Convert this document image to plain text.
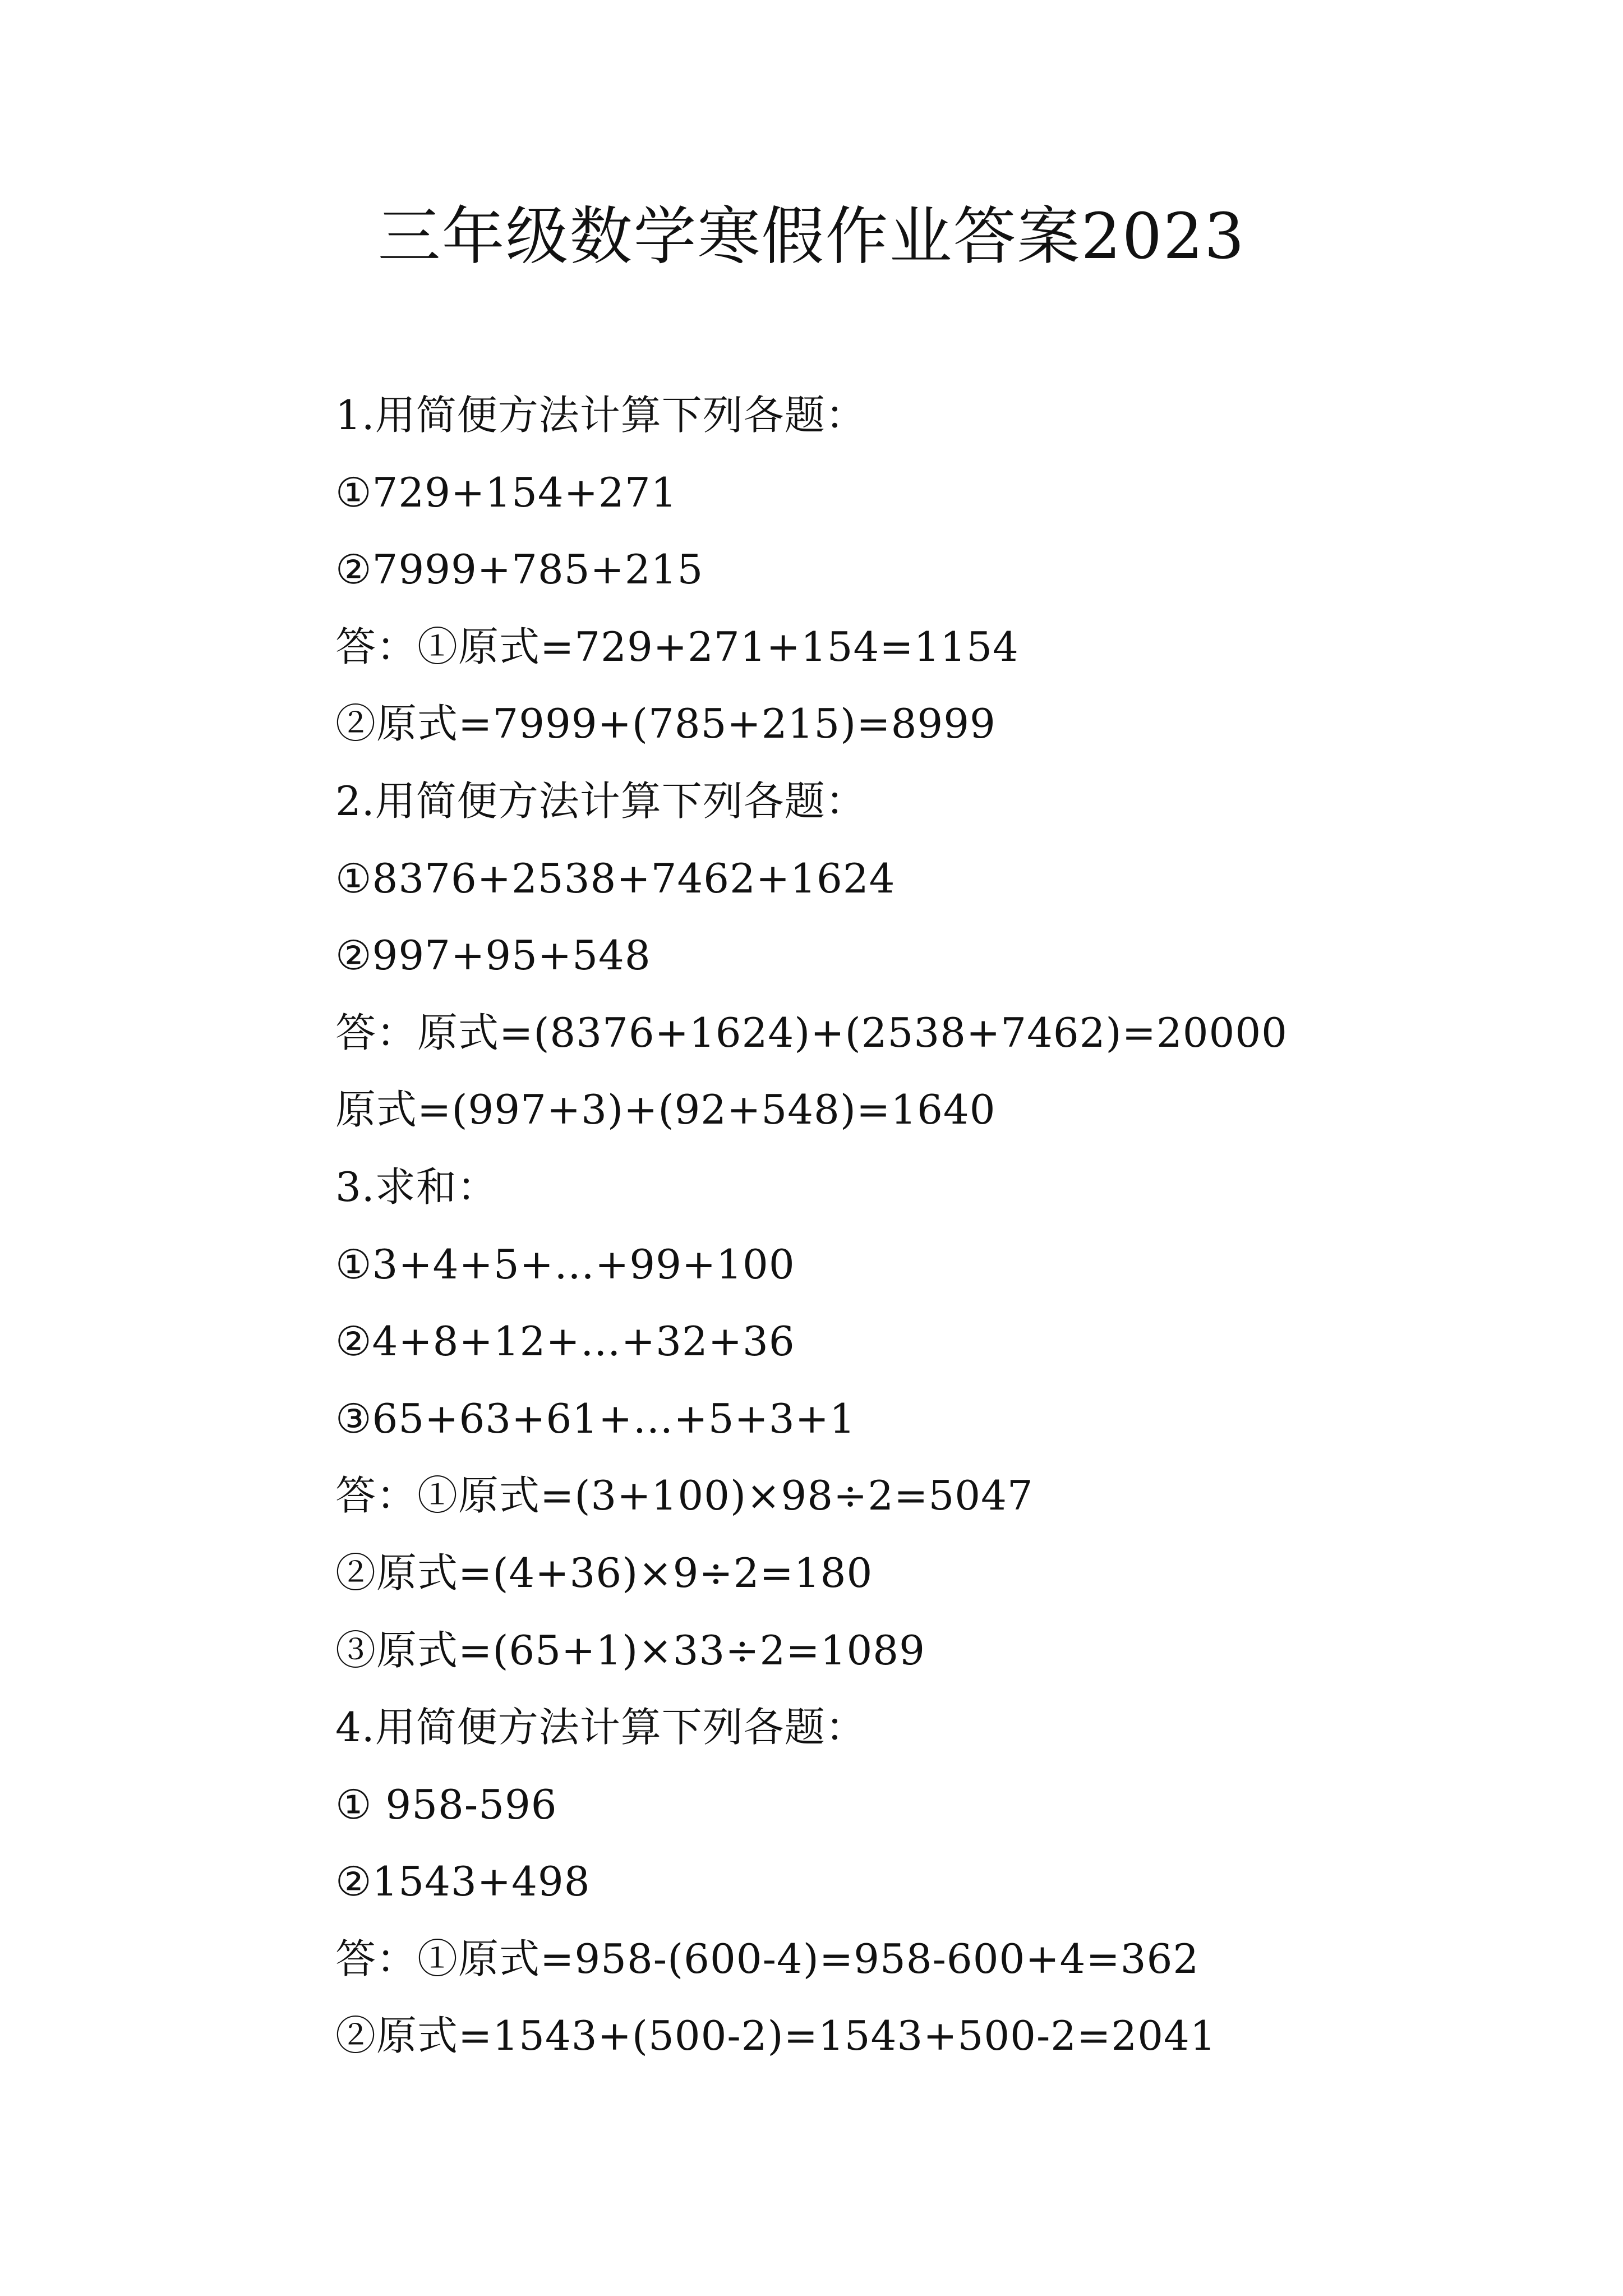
三年级数学寒假作业答案2023
1.用简便方法计算下列各题：
①729+154+271
②7999+785+215
答：①原式=729+271+154=1154
②原式=7999+(785+215)=8999
2.用简便方法计算下列各题：
①8376+2538+7462+1624
②997+95+548
答：原式=(8376+1624)+(2538+7462)=20000
原式=(997+3)+(92+548)=1640
3.求和：
①3+4+5+…+99+100
②4+8+12+…+32+36
③65+63+61+…+5+3+1
答：①原式=(3+100)×98÷2=5047
②原式=(4+36)×9÷2=180
③原式=(65+1)×33÷2=1089
4.用简便方法计算下列各题：
① 958-596
②1543+498
答：①原式=958-(600-4)=958-600+4=362
②原式=1543+(500-2)=1543+500-2=2041
